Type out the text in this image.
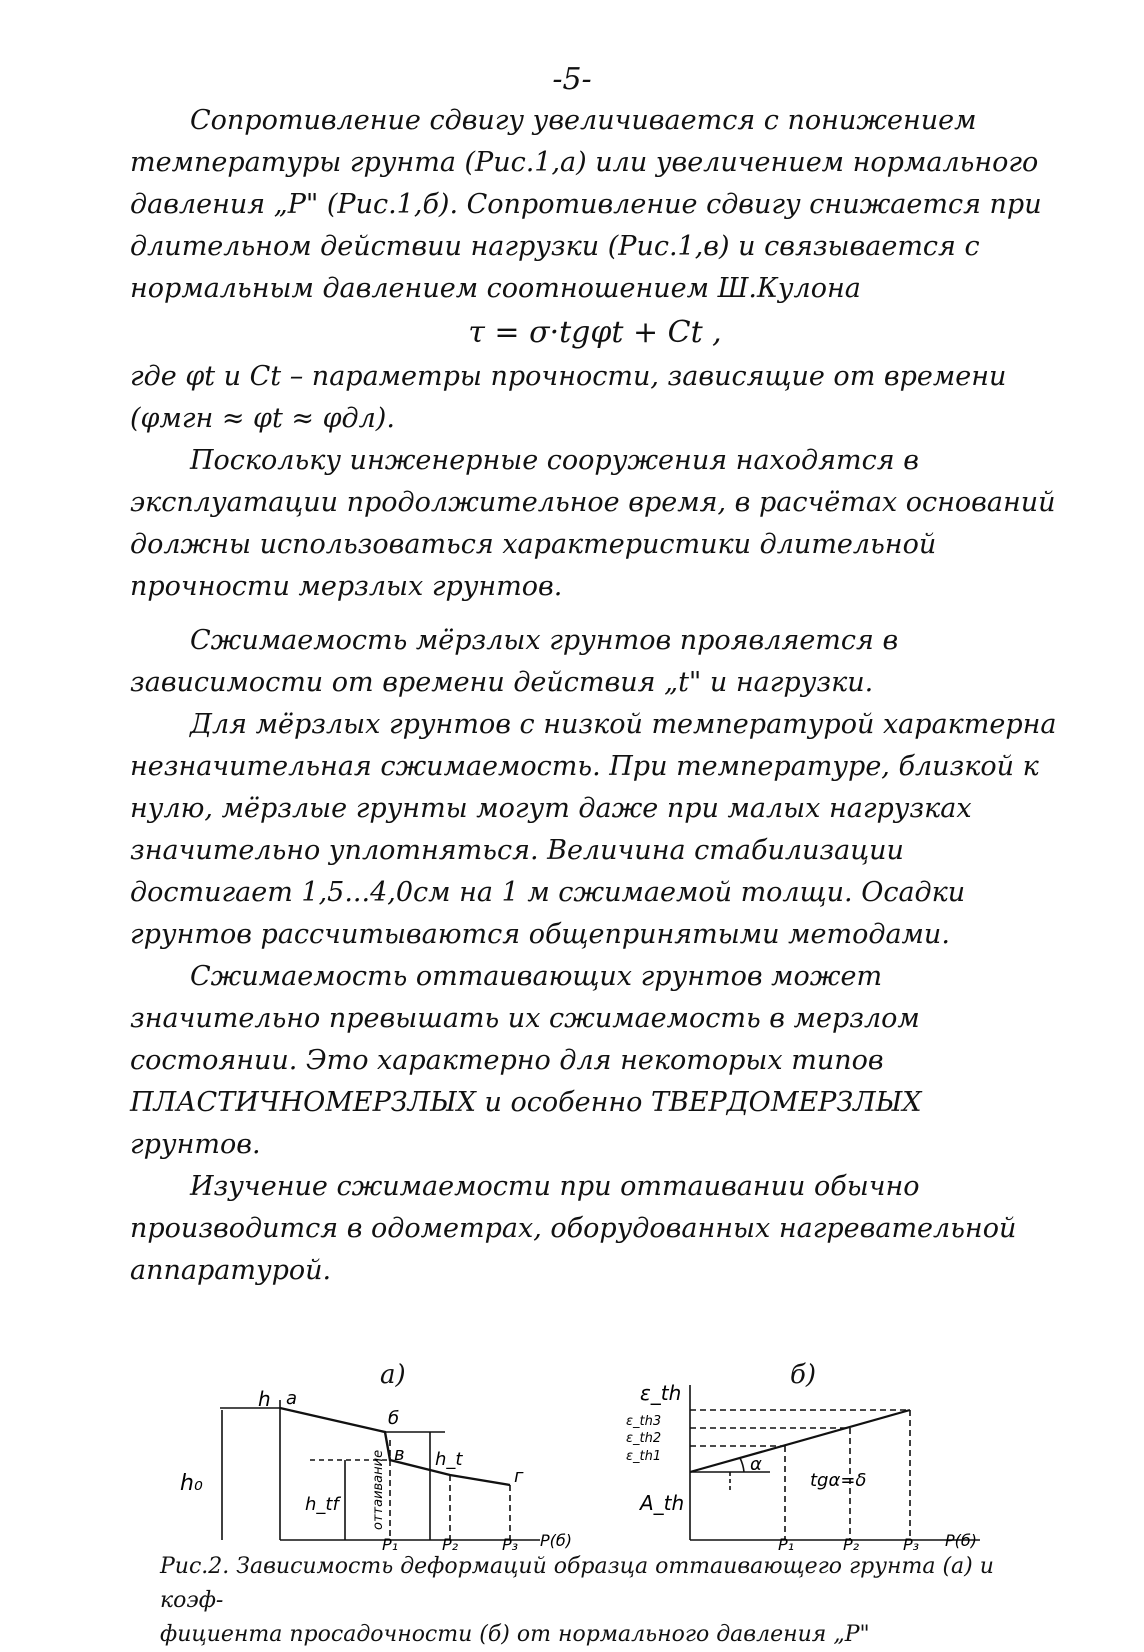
-5-

Сопротивление сдвигу увеличивается с понижением температуры грунта (Рис.1,а) или увеличением нормального давления „P" (Рис.1,б). Сопротивление сдвигу снижается при длительном действии нагрузки (Рис.1,в) и связывается с нормальным давлением соотношением Ш.Кулона

τ = σ·tgφt + Ct ,

где φt и Ct – параметры прочности, зависящие от времени (φмгн ≈ φt ≈ φдл).

Поскольку инженерные сооружения находятся в эксплуатации продолжительное время, в расчётах оснований должны использоваться характеристики длительной прочности мерзлых грунтов.

Сжимаемость мёрзлых грунтов проявляется в зависимости от времени действия „t" и нагрузки.

Для мёрзлых грунтов с низкой температурой характерна незначительная сжимаемость. При температуре, близкой к нулю, мёрзлые грунты могут даже при малых нагрузках значительно уплотняться. Величина стабилизации достигает 1,5...4,0см на 1 м сжимаемой толщи. Осадки грунтов рассчитываются общепринятыми методами.

Сжимаемость оттаивающих грунтов может значительно превышать их сжимаемость в мерзлом состоянии. Это характерно для некоторых типов ПЛАСТИЧНОМЕРЗЛЫХ и особенно ТВЕРДОМЕРЗЛЫХ грунтов.

Изучение сжимаемости при оттаивании обычно производится в одометрах, оборудованных нагревательной аппаратурой.

а)
h а
б
в
г
h₀
h_tf
h_t
оттаивание
P₁	P₂	P₃ P(б)
б)
ε_th
ε_th3
ε_th2
ε_th1
A_th
α
tgα=δ
P₁	P₂	P₃ P(б)

Рис.2. Зависимость деформаций образца оттаивающего грунта (а) и коэф-

фициента просадочности (б) от нормального давления „P"
